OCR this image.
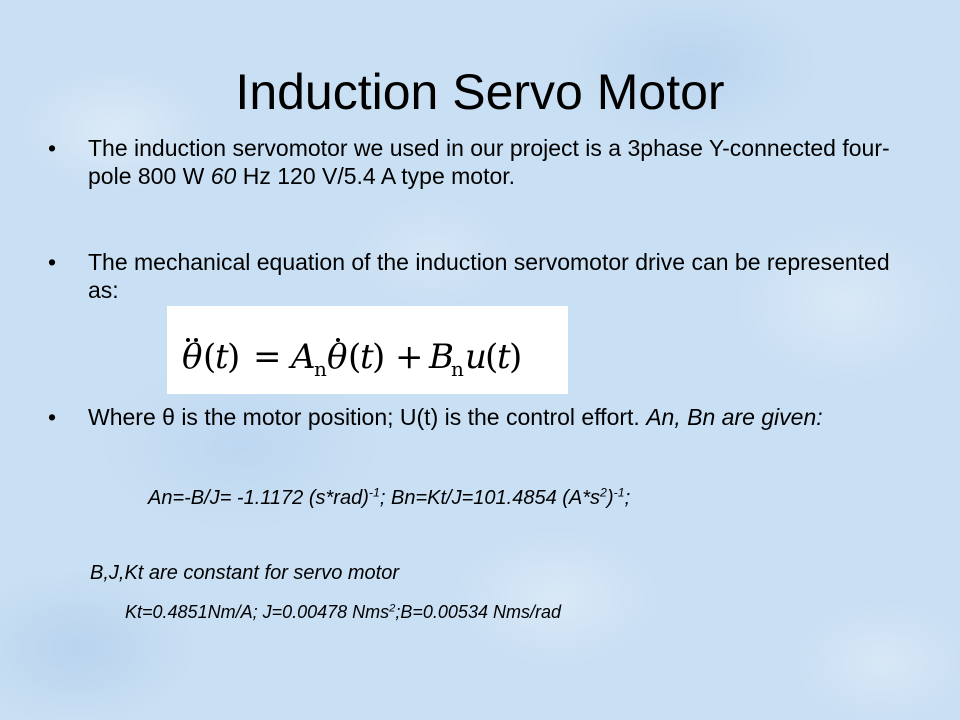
Induction Servo Motor
• The induction servomotor we used in our project is a 3phase Y-connected four-pole 800 W 60 Hz 120 V/5.4 A type motor.
• The mechanical equation of the induction servomotor drive can be represented as:
θ (
t
) = A
n θ (
t
) + B
n u
(
t
)
• Where θ is the motor position; U(t) is the control effort. An, Bn are given:
An=-B/J= -1.1172 $(s*rad)^{-1}$; Bn=Kt/J=101.4854 $(A*s^2)^{-1}$;
B,J,Kt are constant for servo motor
Kt=0.4851Nm/A; J=0.00478 Nms$^2$;B=0.00534 Nms/rad
